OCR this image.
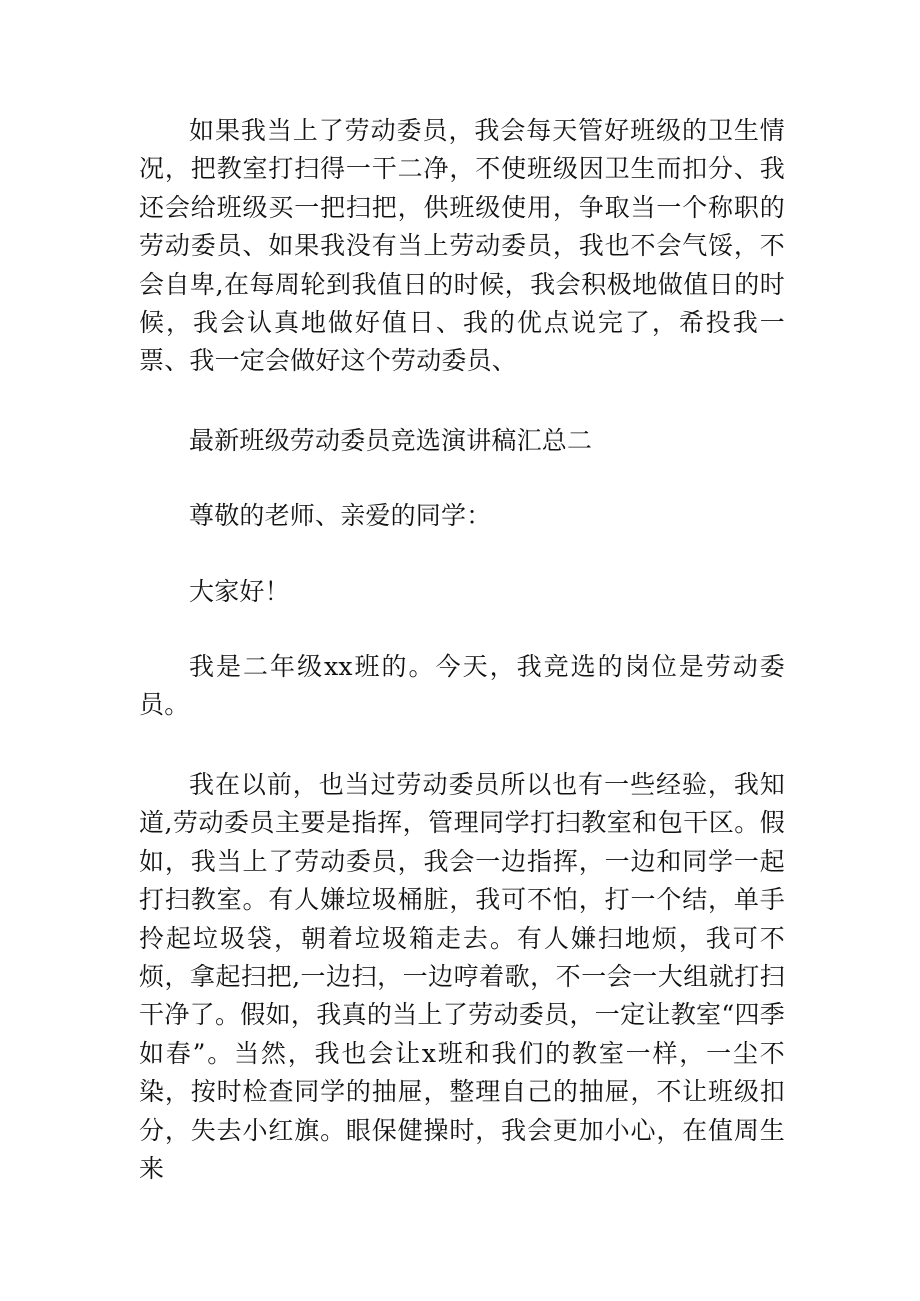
如果我当上了劳动委员，我会每天管好班级的卫生情况，把教室打扫得一干二净，不使班级因卫生而扣分、我还会给班级买一把扫把，供班级使用，争取当一个称职的劳动委员、如果我没有当上劳动委员，我也不会气馁，不会自卑,在每周轮到我值日的时候，我会积极地做值日的时候，我会认真地做好值日、我的优点说完了，希投我一票、我一定会做好这个劳动委员、

最新班级劳动委员竞选演讲稿汇总二

尊敬的老师、亲爱的同学：

大家好！

我是二年级xx班的。今天，我竞选的岗位是劳动委员。

我在以前，也当过劳动委员所以也有一些经验，我知道,劳动委员主要是指挥，管理同学打扫教室和包干区。假如，我当上了劳动委员，我会一边指挥，一边和同学一起打扫教室。有人嫌垃圾桶脏，我可不怕，打一个结，单手拎起垃圾袋，朝着垃圾箱走去。有人嫌扫地烦，我可不烦，拿起扫把,一边扫，一边哼着歌，不一会一大组就打扫干净了。假如，我真的当上了劳动委员，一定让教室“四季如春”。当然，我也会让x班和我们的教室一样，一尘不染，按时检查同学的抽屉，整理自己的抽屉，不让班级扣分，失去小红旗。眼保健操时，我会更加小心，在值周生来
